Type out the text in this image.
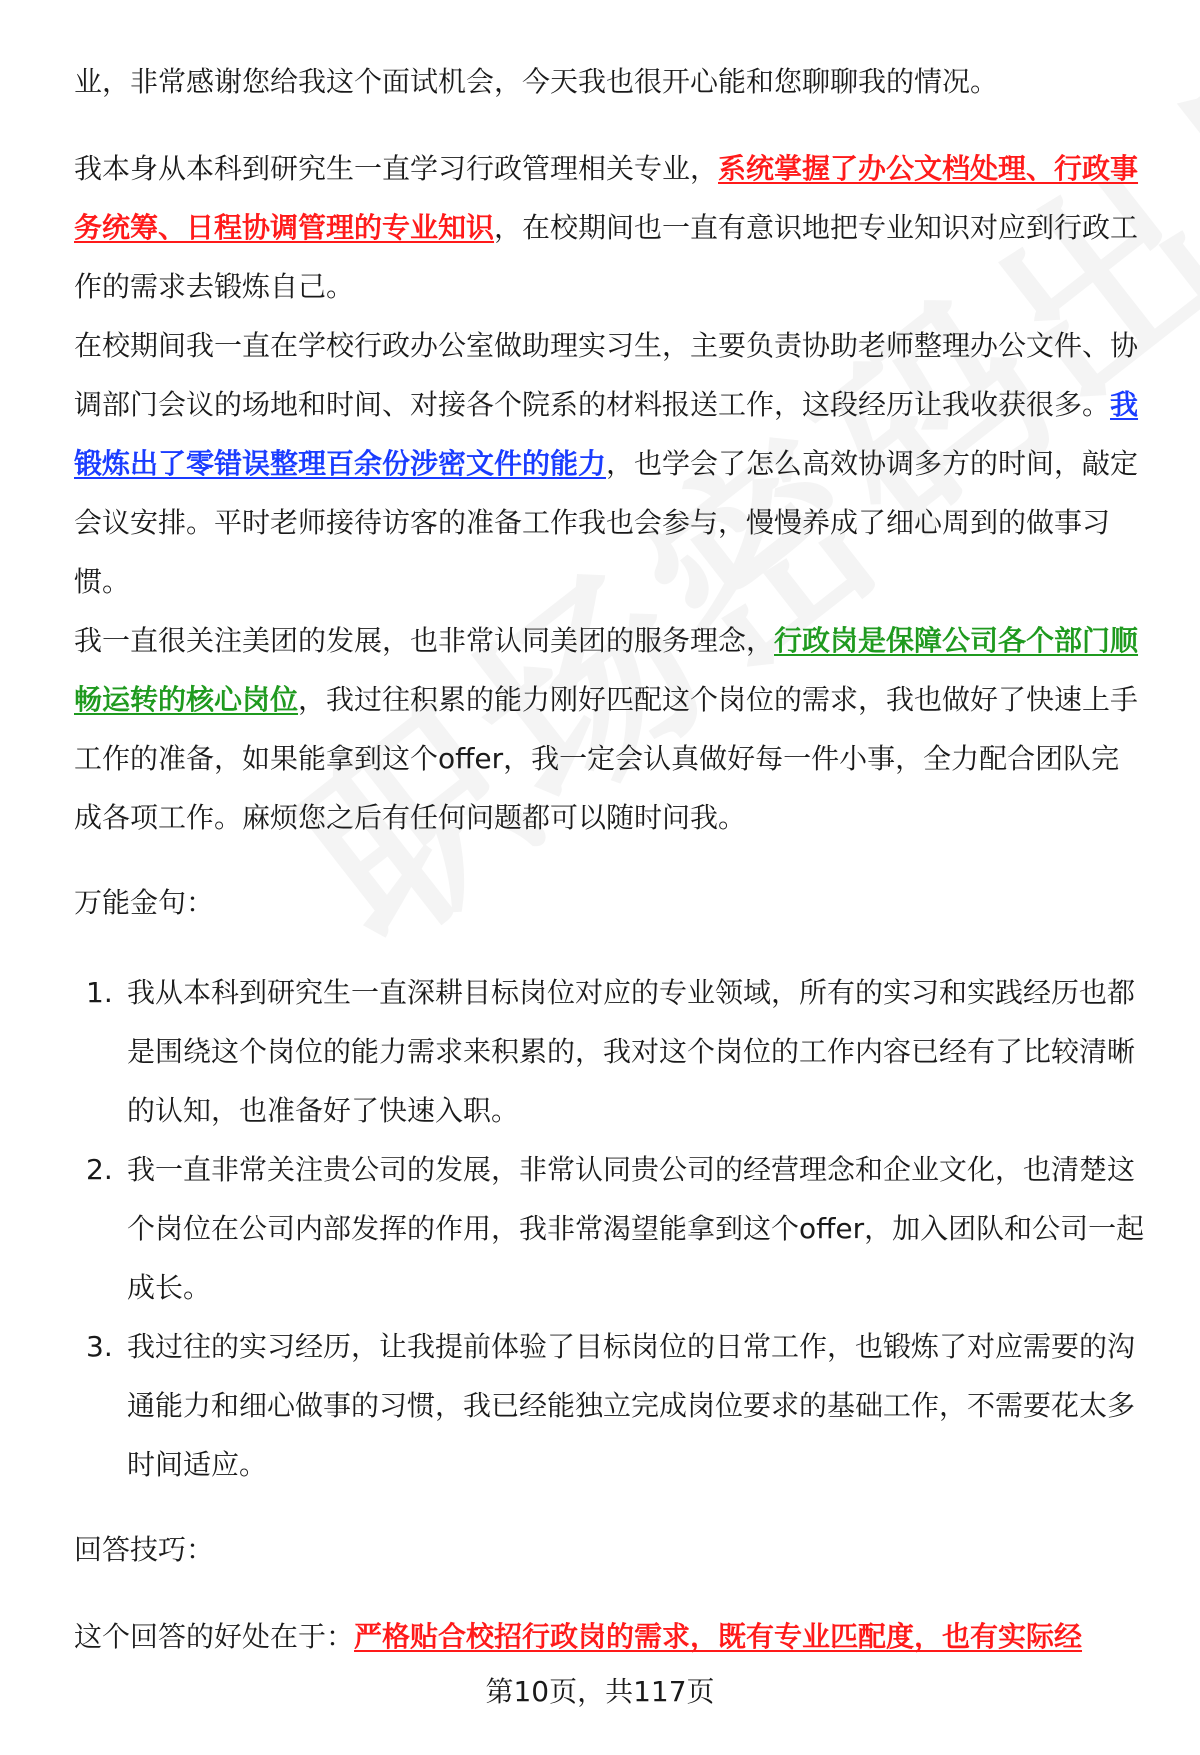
业，非常感谢您给我这个面试机会，今天我也很开心能和您聊聊我的情况。

我本身从本科到研究生一直学习行政管理相关专业，系统掌握了办公文档处理、行政事务统筹、日程协调管理的专业知识，在校期间也一直有意识地把专业知识对应到行政工作的需求去锻炼自己。

在校期间我一直在学校行政办公室做助理实习生，主要负责协助老师整理办公文件、协调部门会议的场地和时间、对接各个院系的材料报送工作，这段经历让我收获很多。我锻炼出了零错误整理百余份涉密文件的能力，也学会了怎么高效协调多方的时间，敲定会议安排。平时老师接待访客的准备工作我也会参与，慢慢养成了细心周到的做事习惯。

我一直很关注美团的发展，也非常认同美团的服务理念，行政岗是保障公司各个部门顺畅运转的核心岗位，我过往积累的能力刚好匹配这个岗位的需求，我也做好了快速上手工作的准备，如果能拿到这个offer，我一定会认真做好每一件小事，全力配合团队完成各项工作。麻烦您之后有任何问题都可以随时问我。

万能金句：

1. 我从本科到研究生一直深耕目标岗位对应的专业领域，所有的实习和实践经历也都是围绕这个岗位的能力需求来积累的，我对这个岗位的工作内容已经有了比较清晰的认知，也准备好了快速入职。
2. 我一直非常关注贵公司的发展，非常认同贵公司的经营理念和企业文化，也清楚这个岗位在公司内部发挥的作用，我非常渴望能拿到这个offer，加入团队和公司一起成长。
3. 我过往的实习经历，让我提前体验了目标岗位的日常工作，也锻炼了对应需要的沟通能力和细心做事的习惯，我已经能独立完成岗位要求的基础工作，不需要花太多时间适应。

回答技巧：

这个回答的好处在于：严格贴合校招行政岗的需求，既有专业匹配度，也有实际经

第10页，共117页
